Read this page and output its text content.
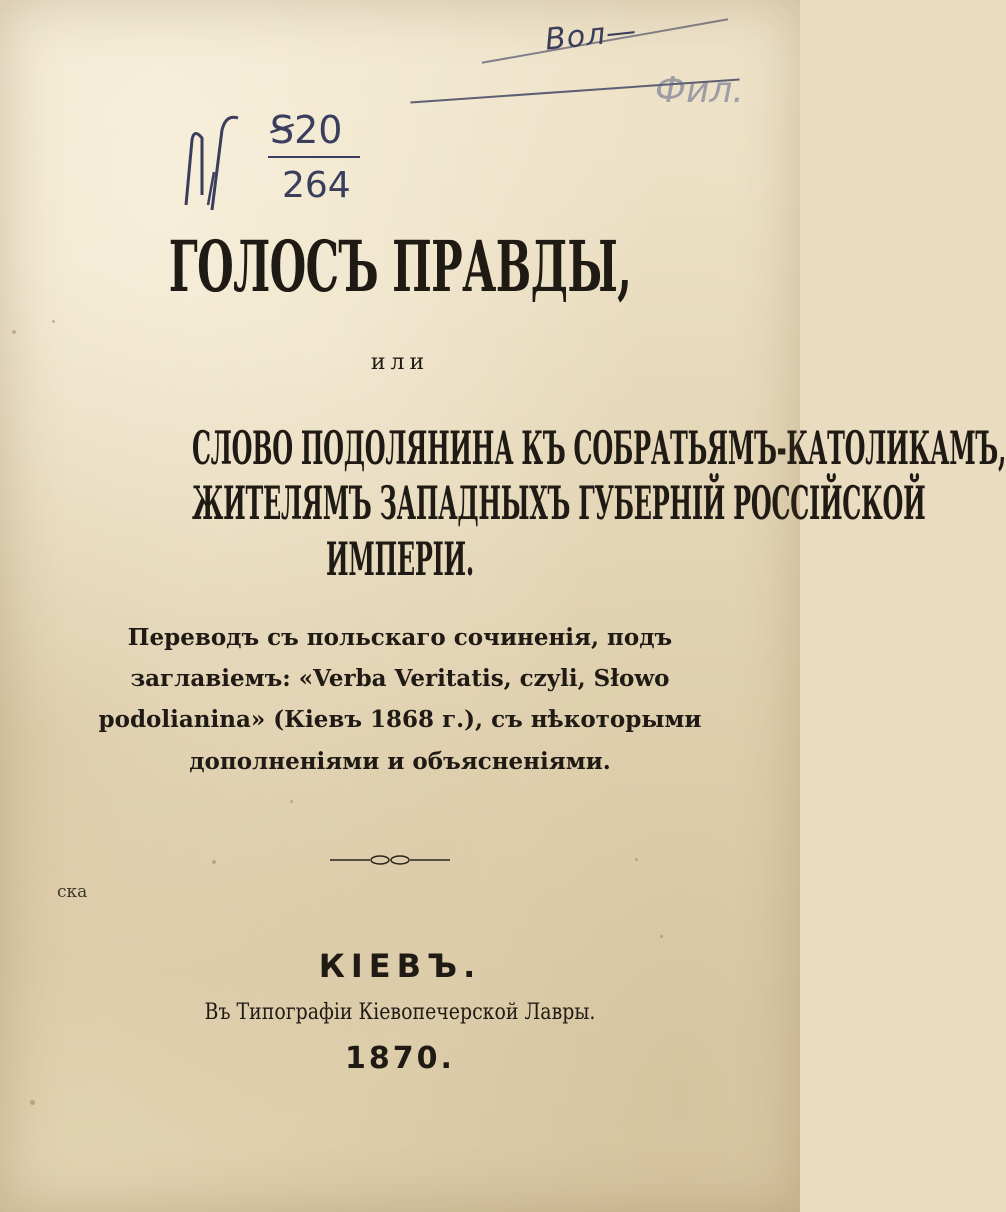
Вол—
Фил.
Ꞩ20
264
ГОЛОСЪ ПРАВДЫ,
или
СЛОВО ПОДОЛЯНИНА КЪ СОБРАТЬЯМЪ-КАТОЛИКАМЪ,
ЖИТЕЛЯМЪ ЗАПАДНЫХЪ ГУБЕРНІЙ РОССІЙСКОЙ
ИМПЕРІИ.
Переводъ съ польскаго сочиненія, подъ
заглавіемъ: «Verba Veritatis, czyli, Słowo
podolianina» (Кіевъ 1868 г.), съ нѣкоторыми
дополненіями и объясненіями.
ска
КІЕВЪ.
Въ Типографіи Кіевопечерской Лавры.
1870.
